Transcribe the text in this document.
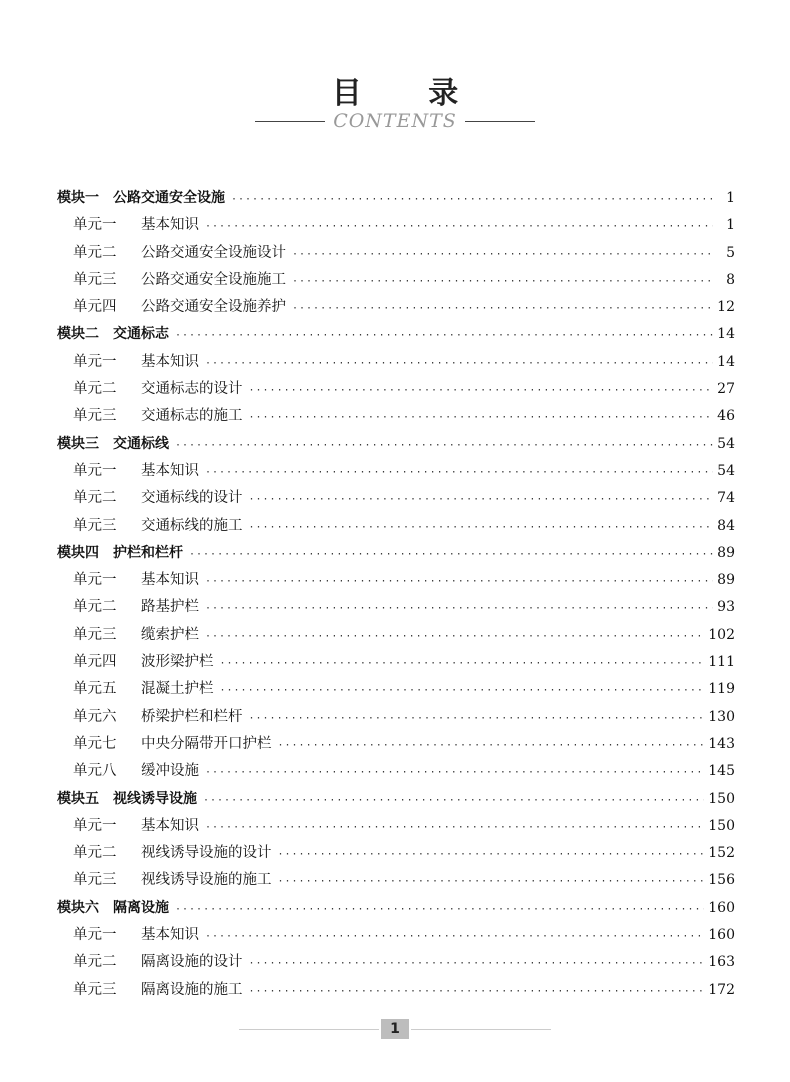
目 录
CONTENTS
模块一	公路交通安全设施 ·····	1
单元一	基本知识 ·····	1
单元二	公路交通安全设施设计 ·····	5
单元三	公路交通安全设施施工 ·····	8
单元四	公路交通安全设施养护 ·····	12
模块二	交通标志 ·····	14
单元一	基本知识 ·····	14
单元二	交通标志的设计 ·····	27
单元三	交通标志的施工 ·····	46
模块三	交通标线 ·····	54
单元一	基本知识 ·····	54
单元二	交通标线的设计 ·····	74
单元三	交通标线的施工 ·····	84
模块四	护栏和栏杆 ·····	89
单元一	基本知识 ·····	89
单元二	路基护栏 ·····	93
单元三	缆索护栏 ·····	102
单元四	波形梁护栏 ·····	111
单元五	混凝土护栏 ·····	119
单元六	桥梁护栏和栏杆 ·····	130
单元七	中央分隔带开口护栏 ·····	143
单元八	缓冲设施 ·····	145
模块五	视线诱导设施 ·····	150
单元一	基本知识 ·····	150
单元二	视线诱导设施的设计 ·····	152
单元三	视线诱导设施的施工 ·····	156
模块六	隔离设施 ·····	160
单元一	基本知识 ·····	160
单元二	隔离设施的设计 ·····	163
单元三	隔离设施的施工 ·····	172
1
